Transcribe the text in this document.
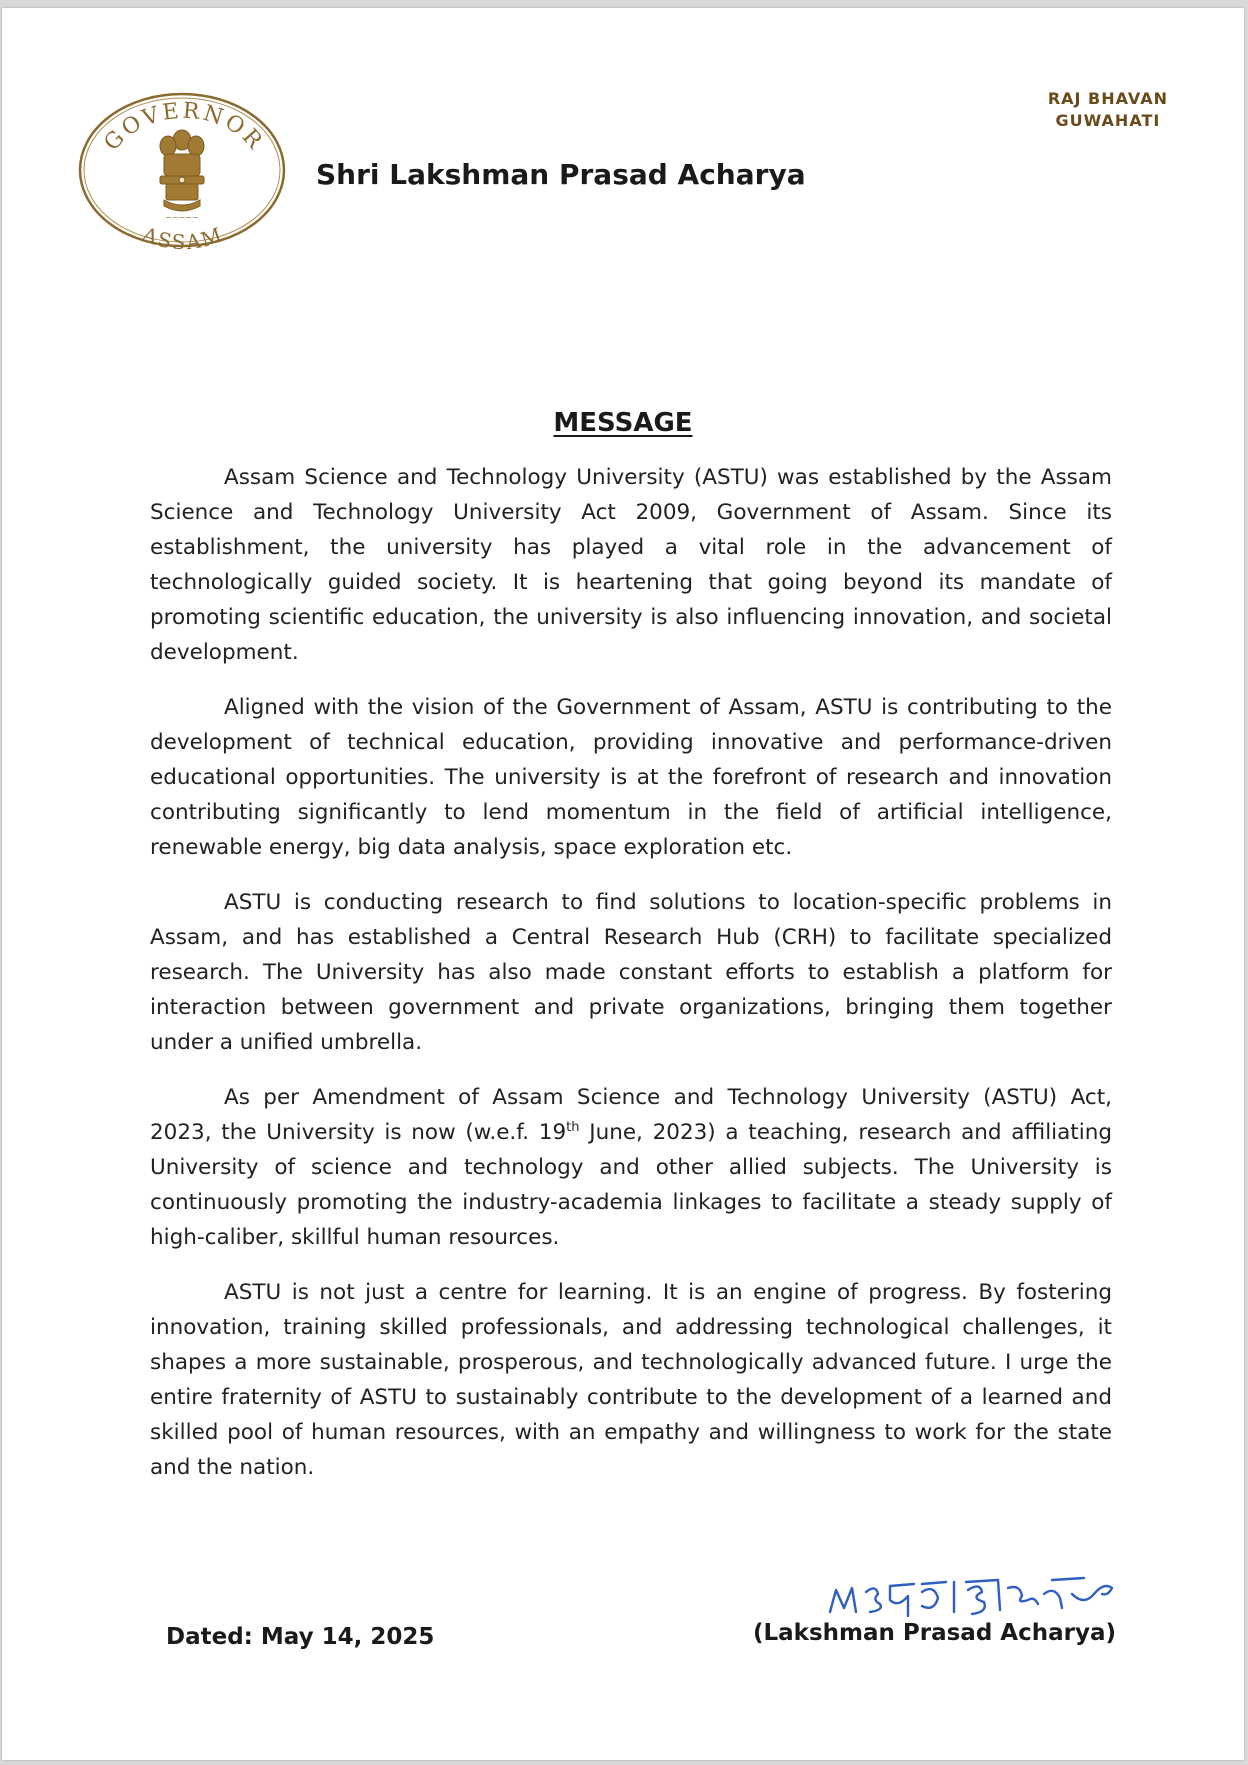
GOVERNOR
ASSAM
~~~~~
Shri Lakshman Prasad Acharya
RAJ BHAVAN
GUWAHATI
MESSAGE

Assam Science and Technology University (ASTU) was established by the Assam Science and Technology University Act 2009, Government of Assam. Since its establishment, the university has played a vital role in the advancement of technologically guided society. It is heartening that going beyond its mandate of promoting scientific education, the university is also influencing innovation, and societal development.

Aligned with the vision of the Government of Assam, ASTU is contributing to the development of technical education, providing innovative and performance-driven educational opportunities. The university is at the forefront of research and innovation contributing significantly to lend momentum in the field of artificial intelligence, renewable energy, big data analysis, space exploration etc.

ASTU is conducting research to find solutions to location-specific problems in Assam, and has established a Central Research Hub (CRH) to facilitate specialized research. The University has also made constant efforts to establish a platform for interaction between government and private organizations, bringing them together under a unified umbrella.

As per Amendment of Assam Science and Technology University (ASTU) Act, 2023, the University is now (w.e.f. 19th June, 2023) a teaching, research and affiliating University of science and technology and other allied subjects. The University is continuously promoting the industry-academia linkages to facilitate a steady supply of high-caliber, skillful human resources.

ASTU is not just a centre for learning. It is an engine of progress. By fostering innovation, training skilled professionals, and addressing technological challenges, it shapes a more sustainable, prosperous, and technologically advanced future. I urge the entire fraternity of ASTU to sustainably contribute to the development of a learned and skilled pool of human resources, with an empathy and willingness to work for the state and the nation.

Dated: May 14, 2025	(Lakshman Prasad Acharya)
